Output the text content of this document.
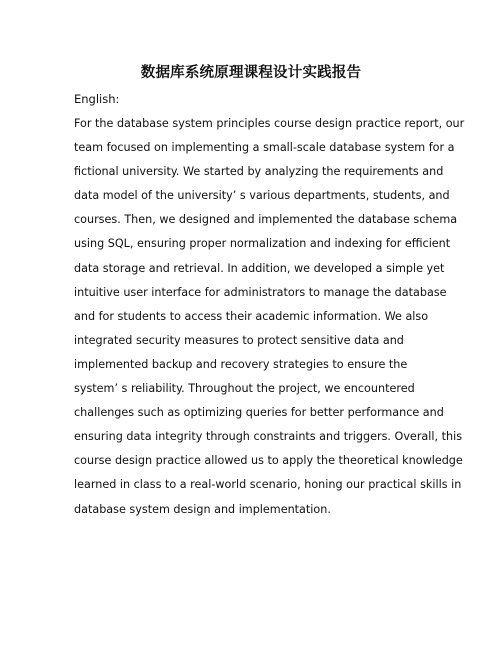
数据库系统原理课程设计实践报告
English:
For the database system principles course design practice report, our
team focused on implementing a small-scale database system for a
fictional university. We started by analyzing the requirements and
data model of the university’ s various departments, students, and
courses. Then, we designed and implemented the database schema
using SQL, ensuring proper normalization and indexing for efficient
data storage and retrieval. In addition, we developed a simple yet
intuitive user interface for administrators to manage the database
and for students to access their academic information. We also
integrated security measures to protect sensitive data and
implemented backup and recovery strategies to ensure the
system’ s reliability. Throughout the project, we encountered
challenges such as optimizing queries for better performance and
ensuring data integrity through constraints and triggers. Overall, this
course design practice allowed us to apply the theoretical knowledge
learned in class to a real-world scenario, honing our practical skills in
database system design and implementation.
